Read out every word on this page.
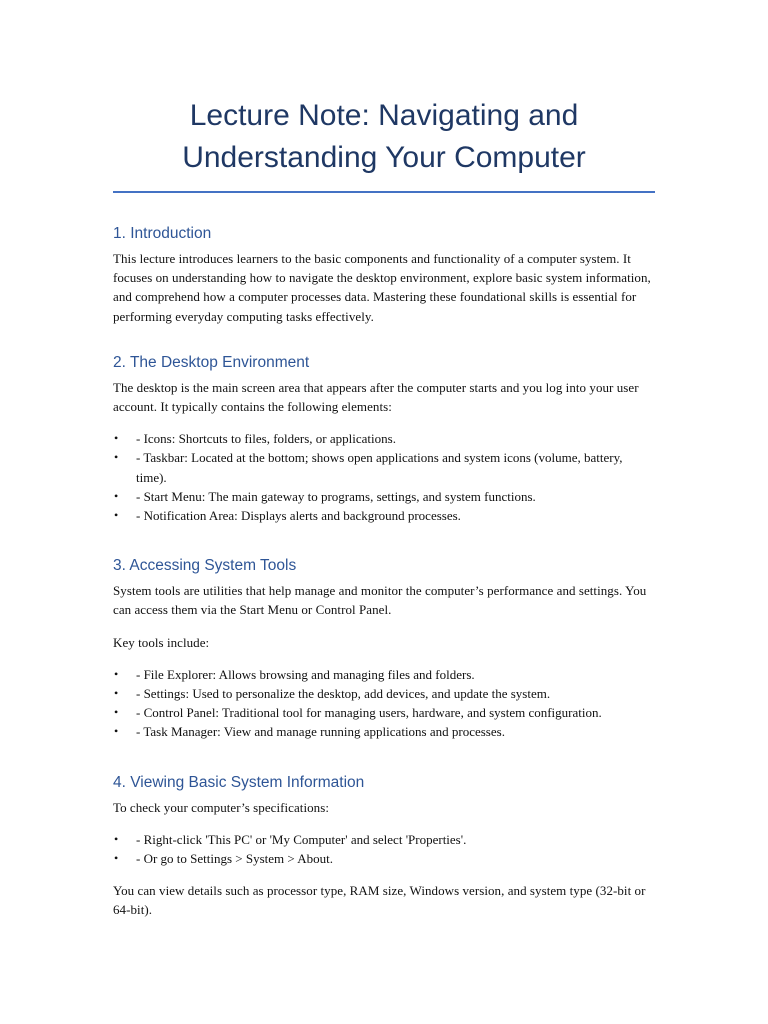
Lecture Note: Navigating and Understanding Your Computer
1. Introduction

This lecture introduces learners to the basic components and functionality of a computer system. It focuses on understanding how to navigate the desktop environment, explore basic system information, and comprehend how a computer processes data. Mastering these foundational skills is essential for performing everyday computing tasks effectively.

2. The Desktop Environment

The desktop is the main screen area that appears after the computer starts and you log into your user account. It typically contains the following elements:

• - Icons: Shortcuts to files, folders, or applications.
• - Taskbar: Located at the bottom; shows open applications and system icons (volume, battery, time).
• - Start Menu: The main gateway to programs, settings, and system functions.
• - Notification Area: Displays alerts and background processes.
3. Accessing System Tools

System tools are utilities that help manage and monitor the computer’s performance and settings. You can access them via the Start Menu or Control Panel.

Key tools include:

• - File Explorer: Allows browsing and managing files and folders.
• - Settings: Used to personalize the desktop, add devices, and update the system.
• - Control Panel: Traditional tool for managing users, hardware, and system configuration.
• - Task Manager: View and manage running applications and processes.
4. Viewing Basic System Information

To check your computer’s specifications:

• - Right-click 'This PC' or 'My Computer' and select 'Properties'.
• - Or go to Settings > System > About.

You can view details such as processor type, RAM size, Windows version, and system type (32-bit or 64-bit).
